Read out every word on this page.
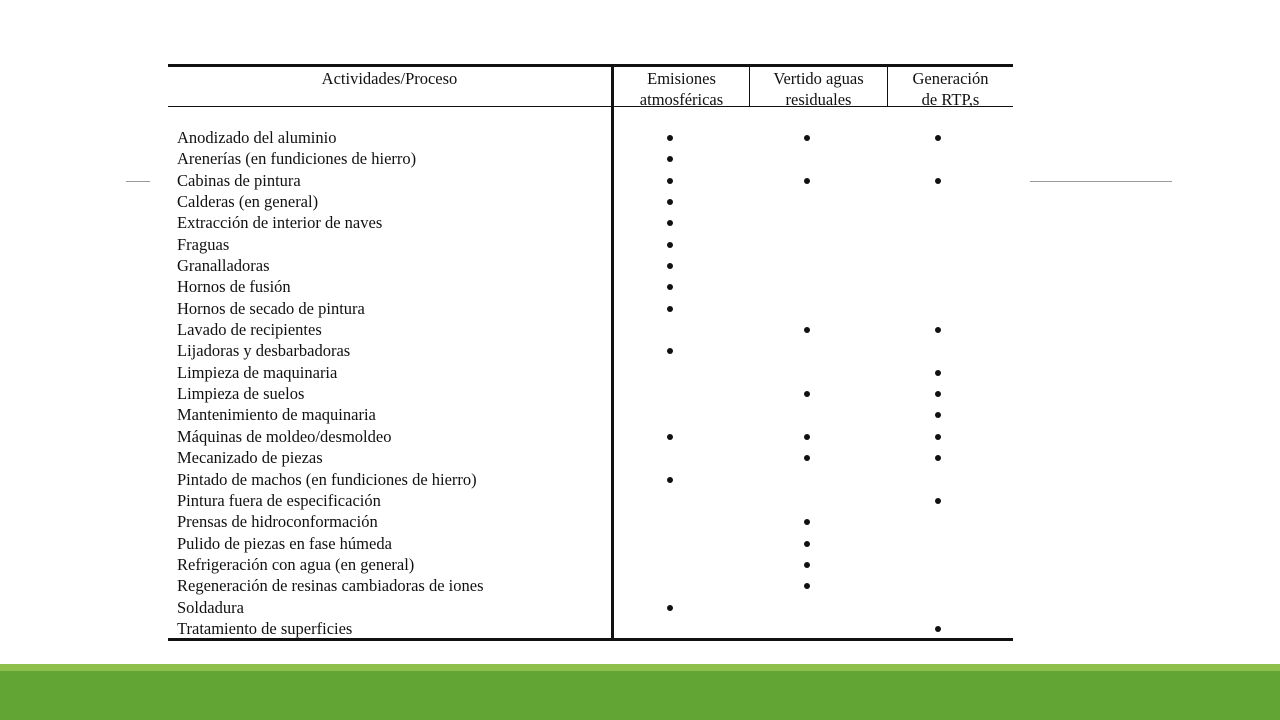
Actividades/Proceso	Emisiones
atmosféricas
Vertido aguas
residuales
Generación
de RTP,s
Anodizado del aluminio
Arenerías (en fundiciones de hierro)
Cabinas de pintura
Calderas (en general)
Extracción de interior de naves
Fraguas
Granalladoras
Hornos de fusión
Hornos de secado de pintura
Lavado de recipientes
Lijadoras y desbarbadoras
Limpieza de maquinaria
Limpieza de suelos
Mantenimiento de maquinaria
Máquinas de moldeo/desmoldeo
Mecanizado de piezas
Pintado de machos (en fundiciones de hierro)
Pintura fuera de especificación
Prensas de hidroconformación
Pulido de piezas en fase húmeda
Refrigeración con agua (en general)
Regeneración de resinas cambiadoras de iones
Soldadura
Tratamiento de superficies
